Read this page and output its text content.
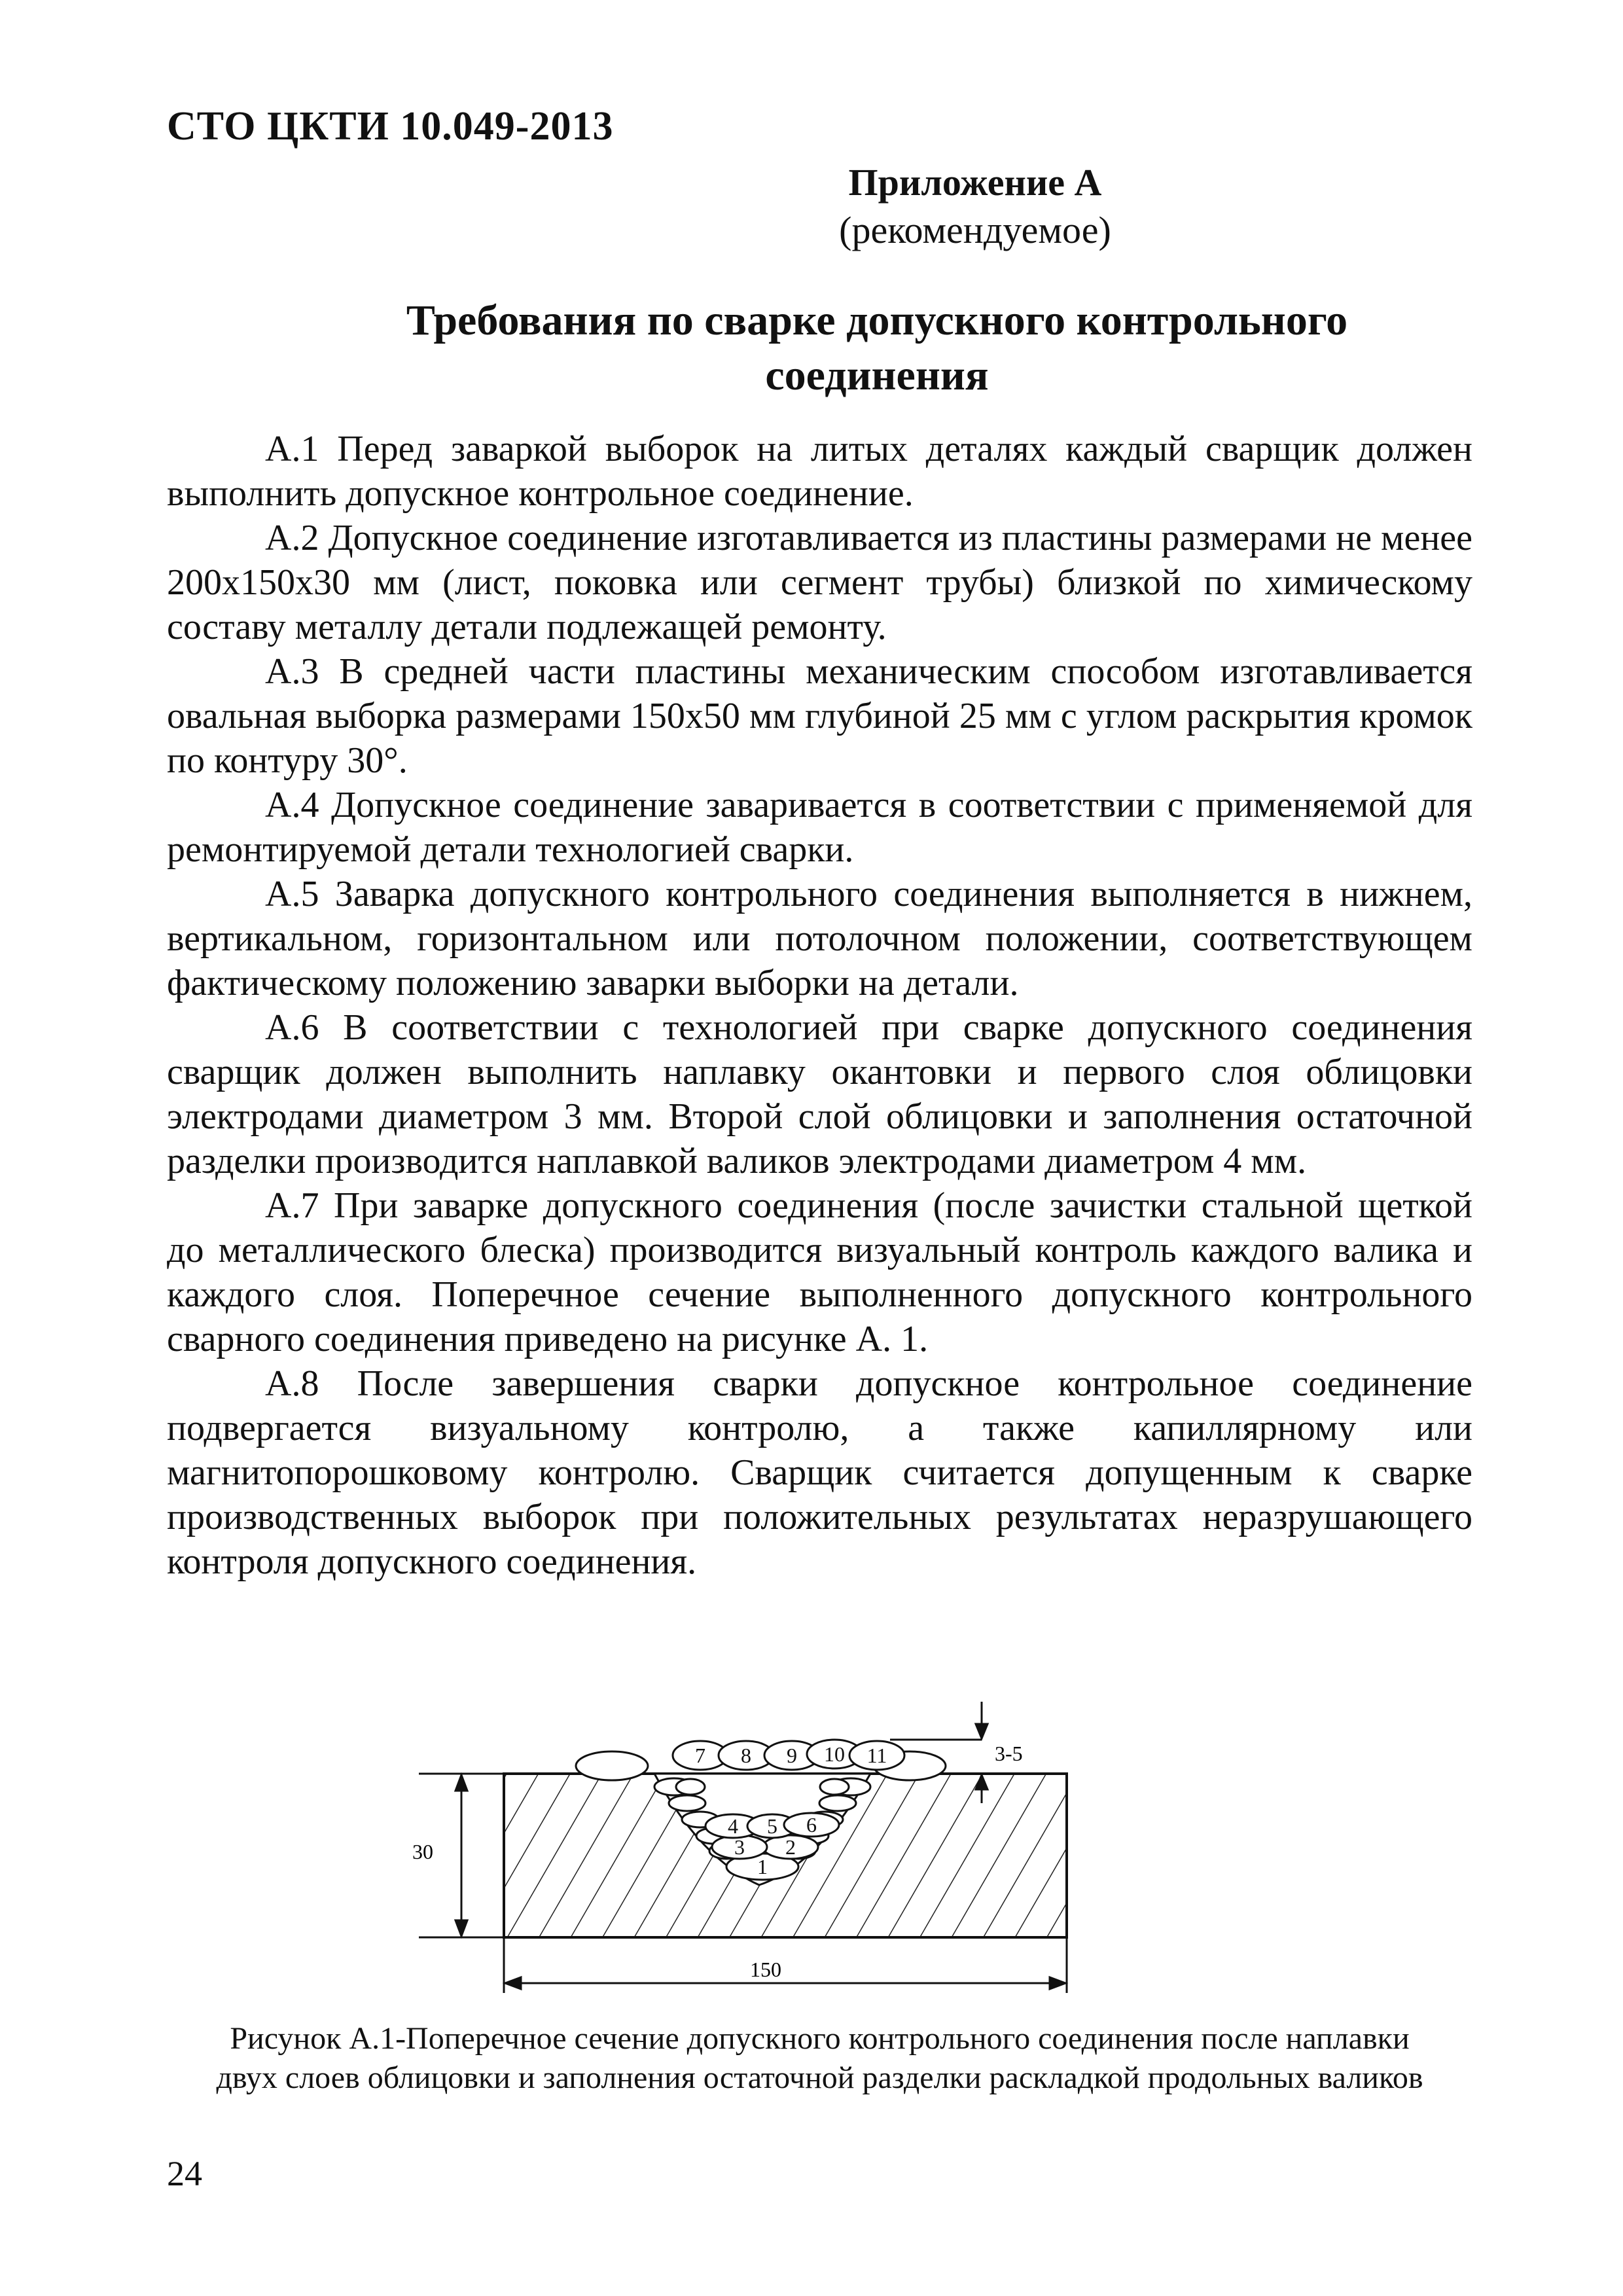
СТО ЦКТИ 10.049-2013
Приложение А
(рекомендуемое)
Требования по сварке допускного контрольного
соединения

А.1 Перед заваркой выборок на литых деталях каждый сварщик должен выполнить допускное контрольное соединение.

А.2 Допускное соединение изготавливается из пластины размерами не менее 200х150х30 мм (лист, поковка или сегмент трубы) близкой по химическому составу металлу детали подлежащей ремонту.

А.3 В средней части пластины механическим способом изготавливается овальная выборка размерами 150х50 мм глубиной 25 мм с углом раскрытия кромок по контуру 30°.

А.4 Допускное соединение заваривается в соответствии с применяемой для ремонтируемой детали технологией сварки.

А.5 Заварка допускного контрольного соединения выполняется в нижнем, вертикальном, горизонтальном или потолочном положении, соответствующем фактическому положению заварки выборки на детали.

А.6 В соответствии с технологией при сварке допускного соединения сварщик должен выполнить наплавку окантовки и первого слоя облицовки электродами диаметром 3 мм. Второй слой облицовки и заполнения остаточной разделки производится наплавкой валиков электродами диаметром 4 мм.

А.7 При заварке допускного соединения (после зачистки стальной щеткой до металлического блеска) производится визуальный контроль каждого валика и каждого слоя. Поперечное сечение выполненного допускного контрольного сварного соединения приведено на рисунке А. 1.

А.8 После завершения сварки допускное контрольное соединение подвергается визуальному контролю, а также капиллярному или магнитопорошковому контролю. Сварщик считается допущенным к сварке производственных выборок при положительных результатах неразрушающего контроля допускного соединения.

1
2
3
4 5 6
7 8 9 10 11
30
150
3-5
Рисунок А.1-Поперечное сечение допускного контрольного соединения после наплавки
двух слоев облицовки и заполнения остаточной разделки раскладкой продольных валиков
24
